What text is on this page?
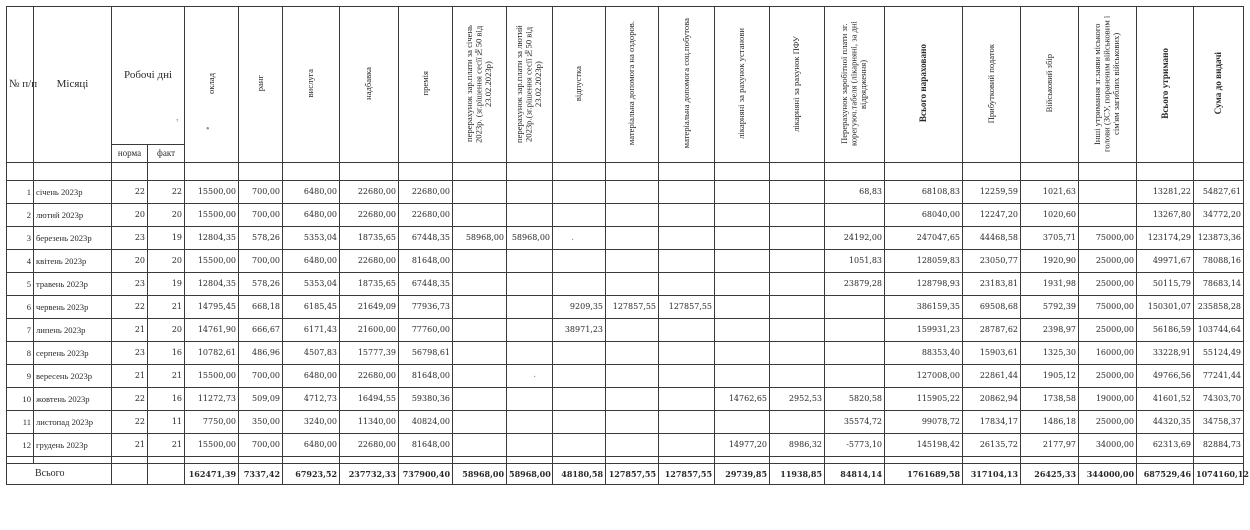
№ п/п	Місяці	Робочі дні		оклад	ранг	вислуга	надбавка	премія	перерахунок зар.плати за січень 2023р. (зг.рішення сесії№50 від 23.02.2023р)	перерахунок зар.плати за лютий 2023р.(зг.рішення сесії№50 від 23.02.2023р)	відпустка	матеріальна допомога на оздоров.	матеріальна допомога соц.побутова	лікарняні за рахунок установи	лікарняні за рахунок ПФУ	Перерахунок заробітної плати зг. корегуюч.табеля (лікарняні, за дні відрядження)	Всього нараховано	Прибутковий податок	Військовий збір	Інші утримання зг.заяви міського голови (ЗСУ, пораненим військовим і сім'ям загиблих військових)	Всього утримано	Сума до видачі
		норма	факт																			

1	січень 2023р	22	22	15500,00	700,00	6480,00	22680,00	22680,00								68,83	68108,83	12259,59	1021,63		13281,22	54827,61
2	лютий 2023р	20	20	15500,00	700,00	6480,00	22680,00	22680,00									68040,00	12247,20	1020,60		13267,80	34772,20
3	березень 2023р	23	19	12804,35	578,26	5353,04	18735,65	67448,35	58968,00	58968,00						24192,00	247047,65	44468,58	3705,71	75000,00	123174,29	123873,36
4	квітень 2023р	20	20	15500,00	700,00	6480,00	22680,00	81648,00								1051,83	128059,83	23050,77	1920,90	25000,00	49971,67	78088,16
5	травень 2023р	23	19	12804,35	578,26	5353,04	18735,65	67448,35								23879,28	128798,93	23183,81	1931,98	25000,00	50115,79	78683,14
6	червень 2023р	22	21	14795,45	668,18	6185,45	21649,09	77936,73			9209,35	127857,55	127857,55				386159,35	69508,68	5792,39	75000,00	150301,07	235858,28
7	липень 2023р	21	20	14761,90	666,67	6171,43	21600,00	77760,00			38971,23						159931,23	28787,62	2398,97	25000,00	56186,59	103744,64
8	серпень 2023р	23	16	10782,61	486,96	4507,83	15777,39	56798,61									88353,40	15903,61	1325,30	16000,00	33228,91	55124,49
9	вересень 2023р	21	21	15500,00	700,00	6480,00	22680,00	81648,00									127008,00	22861,44	1905,12	25000,00	49766,56	77241,44
10	жовтень 2023р	22	16	11272,73	509,09	4712,73	16494,55	59380,36						14762,65	2952,53	5820,58	115905,22	20862,94	1738,58	19000,00	41601,52	74303,70
11	листопад 2023р	22	11	7750,00	350,00	3240,00	11340,00	40824,00								35574,72	99078,72	17834,17	1486,18	25000,00	44320,35	34758,37
12	грудень 2023р	21	21	15500,00	700,00	6480,00	22680,00	81648,00						14977,20	8986,32	-5773,10	145198,42	26135,72	2177,97	34000,00	62313,69	82884,73

Всього				162471,39	7337,42	67923,52	237732,33	737900,40	58968,00	58968,00	48180,58	127857,55	127857,55	29739,85	11938,85	84814,14	1761689,58	317104,13	26425,33	344000,00	687529,46	1074160,12
,
•
·
·
